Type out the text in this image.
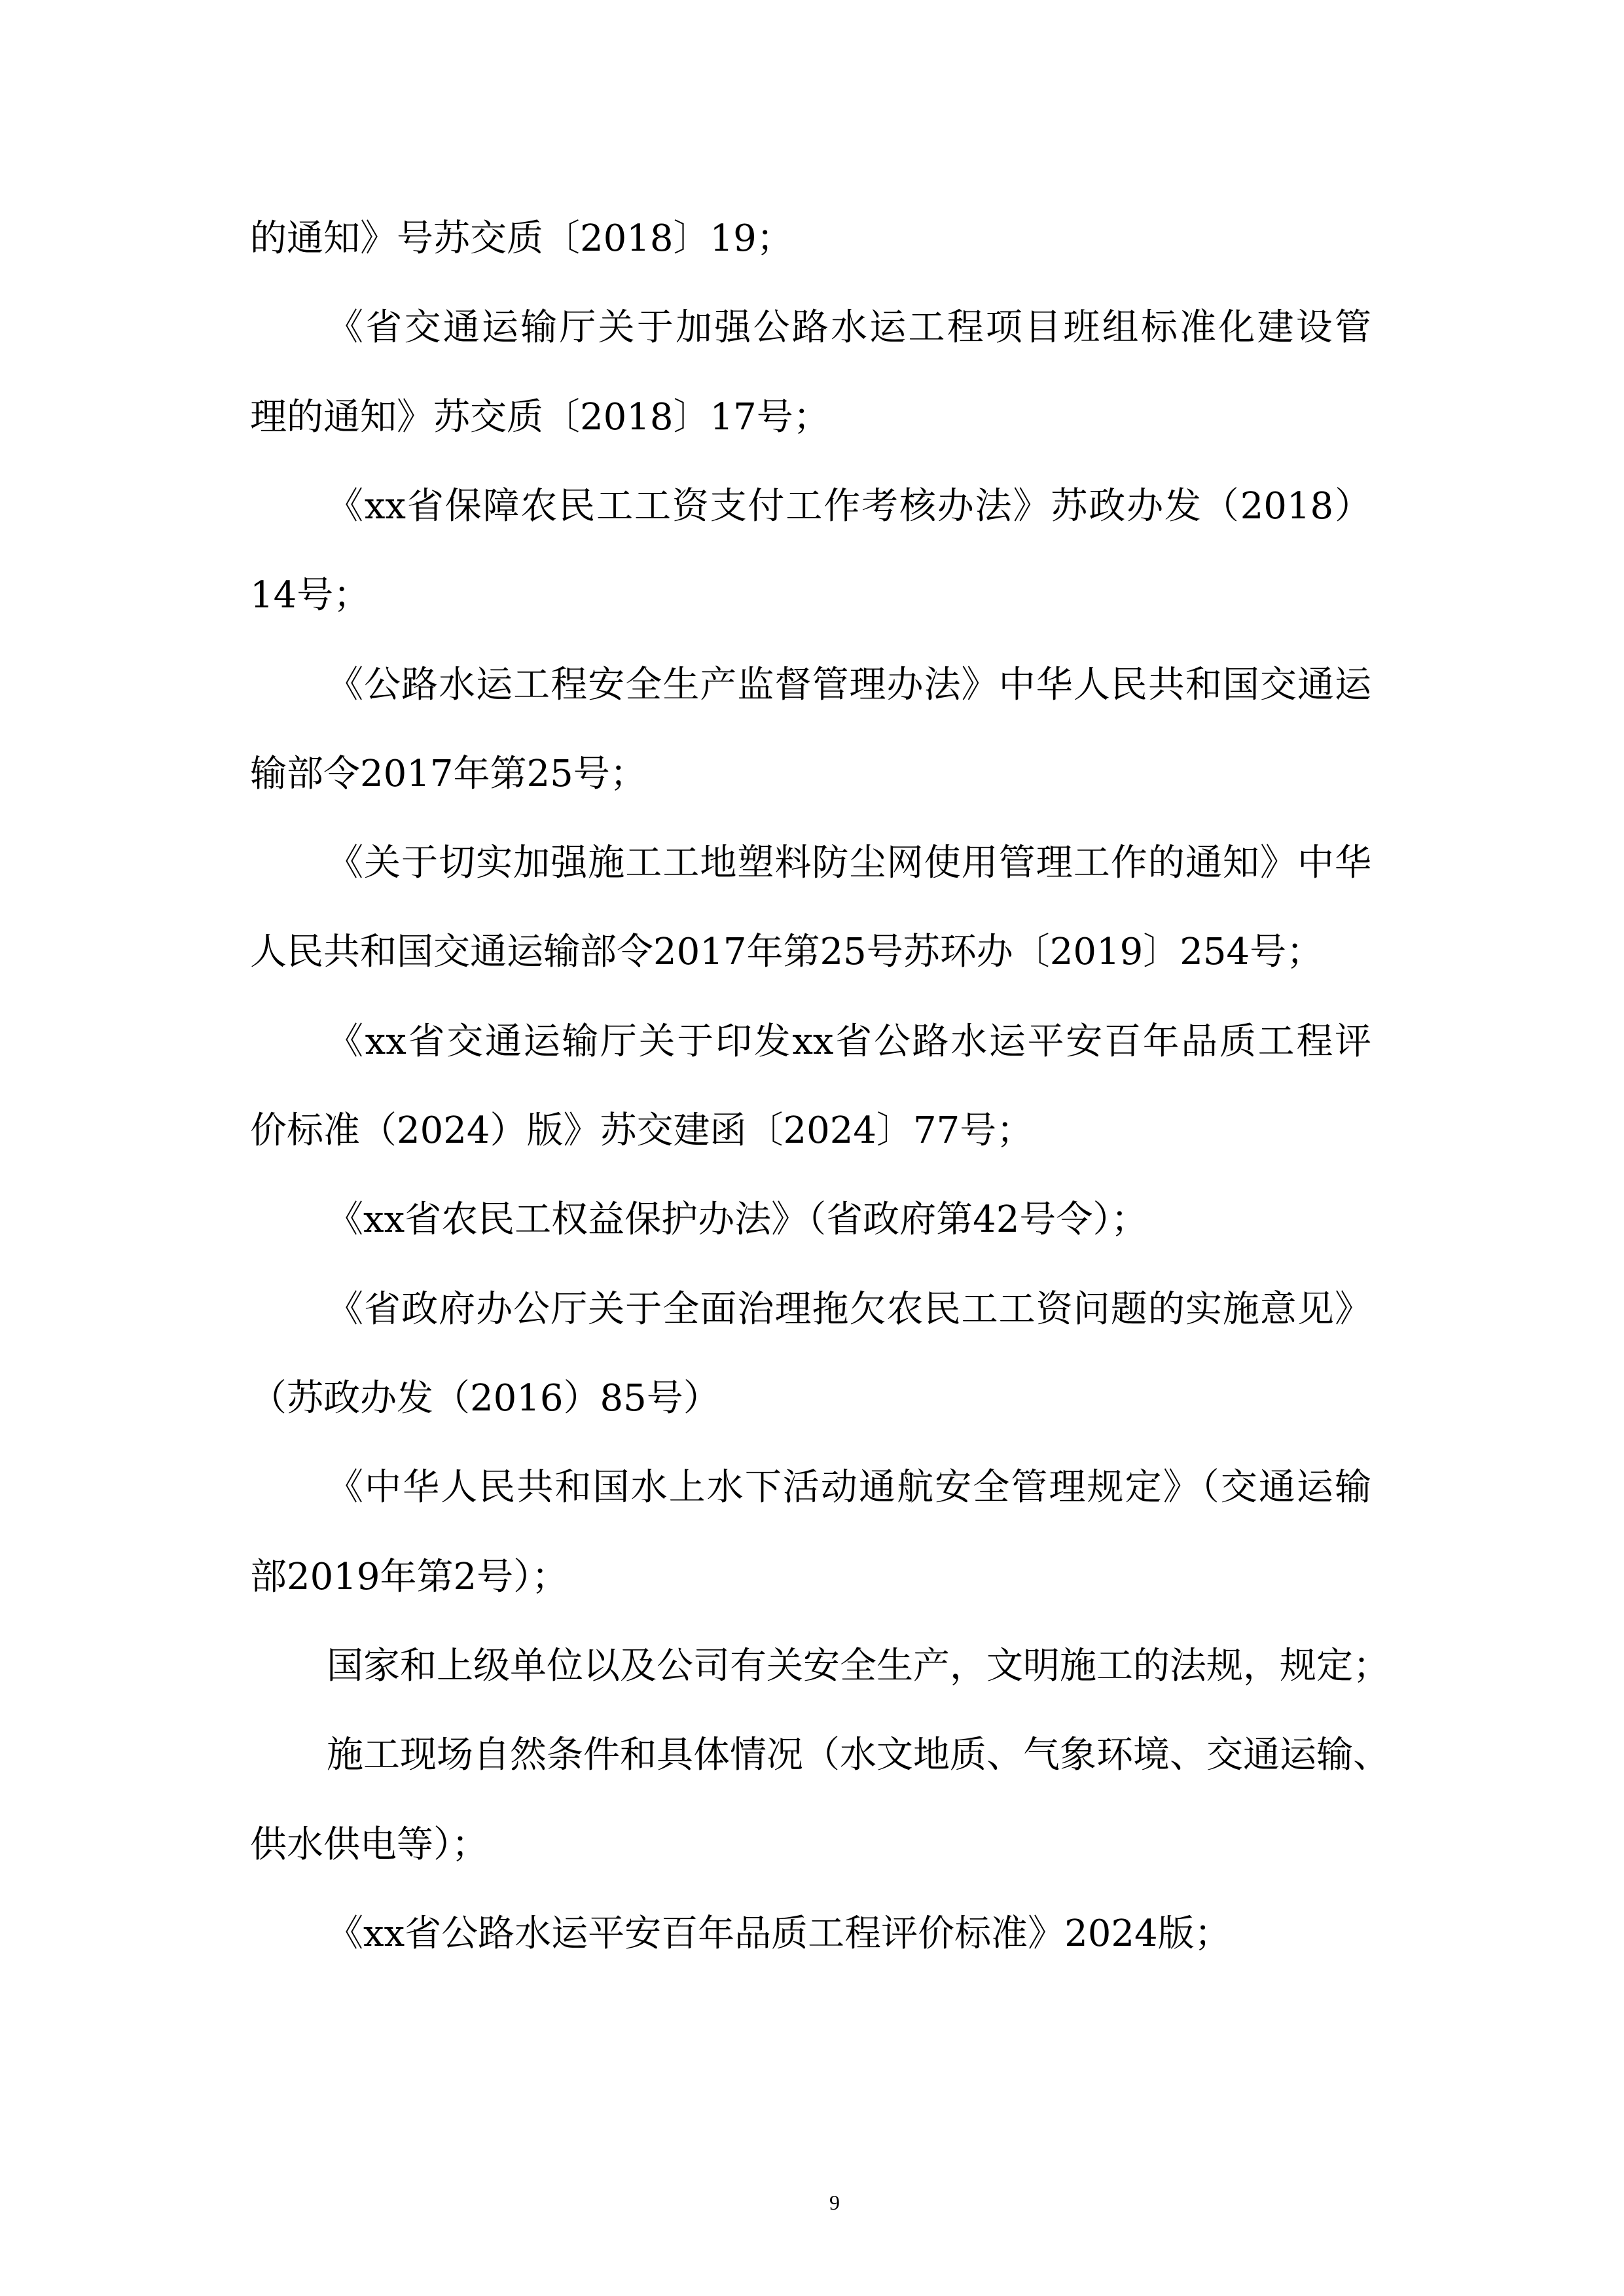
的通知》号苏交质〔2018〕19；
《省交通运输厅关于加强公路水运工程项目班组标准化建设管
理的通知》苏交质〔2018〕17号；
《xx省保障农民工工资支付工作考核办法》苏政办发（2018）
14号；
《公路水运工程安全生产监督管理办法》中华人民共和国交通运
输部令2017年第25号；
《关于切实加强施工工地塑料防尘网使用管理工作的通知》中华
人民共和国交通运输部令2017年第25号苏环办〔2019〕254号；
《xx省交通运输厅关于印发xx省公路水运平安百年品质工程评
价标准（2024）版》苏交建函〔2024〕77号；
《xx省农民工权益保护办法》（省政府第42号令）；
《省政府办公厅关于全面治理拖欠农民工工资问题的实施意见》
（苏政办发（2016）85号）
《中华人民共和国水上水下活动通航安全管理规定》（交通运输
部2019年第2号）；
国家和上级单位以及公司有关安全生产，文明施工的法规，规定；
施工现场自然条件和具体情况（水文地质、气象环境、交通运输、
供水供电等）；
《xx省公路水运平安百年品质工程评价标准》2024版；
9
